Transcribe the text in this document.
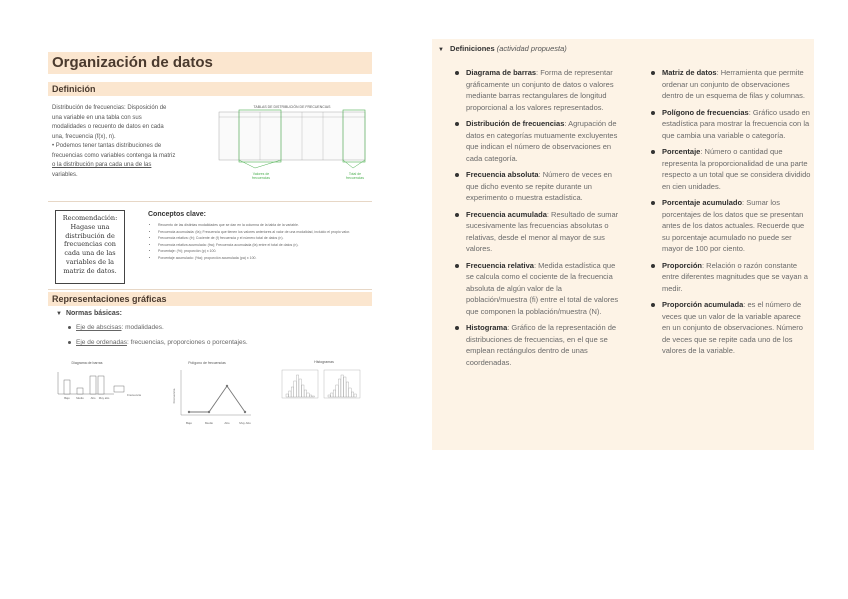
Organización de datos
Definición

Distribución de frecuencias: Disposición de

una variable en una tabla con sus

modalidades o recuento de datos en cada

una, frecuencia (f(x), n).

• Podemos tener tantas distribuciones de

frecuencias como variables contenga la matriz

o la distribución para cada una de las

variables.

TABLAS DE DISTRIBUCIÓN DE FRECUENCIAS
Valores de
frecuencias
Total de
frecuencias
Recomendación:
Hagase una
distribución de
frecuencias con
cada una de las
variables de la
matriz de datos.
Conceptos clave:
• Recuento de las distintas modalidades que se dan en la columna de la tabla de la variable.
• Frecuencia acumulada: (fa); Frecuencia que tienen los valores anteriores al valor de una modalidad, incluido el propio valor.
• Frecuencia relativa: (fr); Cociente de (f) frecuencia y el número total de datos (n).
• Frecuencia relativa acumulada: (fra); Frecuencia acumulada (fa) entre el total de datos (n).
• Porcentaje: (%); proporción (p) x 100.
• Porcentaje acumulado: (%a); proporción acumulada (pa) x 100.
Representaciones gráficas
▼ Normas básicas:
Eje de abscisas: modalidades.
Eje de ordenadas: frecuencias, proporciones o porcentajes.
Diagrama de barras
Bajo Medio Alto Muy alto
Frecuencia
Polígono de frecuencias
Frecuencia
Bajo	Medio	Alto	Muy Alto
Histogramas
▼ Definiciones (actividad propuesta)
Diagrama de barras: Forma de representar gráficamente un conjunto de datos o valores mediante barras rectangulares de longitud proporcional a los valores representados.
Distribución de frecuencias: Agrupación de datos en categorías mutuamente excluyentes que indican el número de observaciones en cada categoría.
Frecuencia absoluta: Número de veces en que dicho evento se repite durante un experimento o muestra estadística.
Frecuencia acumulada: Resultado de sumar sucesivamente las frecuencias absolutas o relativas, desde el menor al mayor de sus valores.
Frecuencia relativa: Medida estadística que se calcula como el cociente de la frecuencia absoluta de algún valor de la población/muestra (fi) entre el total de valores que componen la población/muestra (N).
Histograma: Gráfico de la representación de distribuciones de frecuencias, en el que se emplean rectángulos dentro de unas coordenadas.
Matriz de datos: Herramienta que permite ordenar un conjunto de observaciones dentro de un esquema de filas y columnas.
Polígono de frecuencias: Gráfico usado en estadística para mostrar la frecuencia con la que cambia una variable o categoría.
Porcentaje: Número o cantidad que representa la proporcionalidad de una parte respecto a un total que se considera dividido en cien unidades.
Porcentaje acumulado: Sumar los porcentajes de los datos que se presentan antes de los datos actuales. Recuerde que su porcentaje acumulado no puede ser mayor de 100 por ciento.
Proporción: Relación o razón constante entre diferentes magnitudes que se vayan a medir.
Proporción acumulada: es el número de veces que un valor de la variable aparece en un conjunto de observaciones. Número de veces que se repite cada uno de los valores de la variable.
